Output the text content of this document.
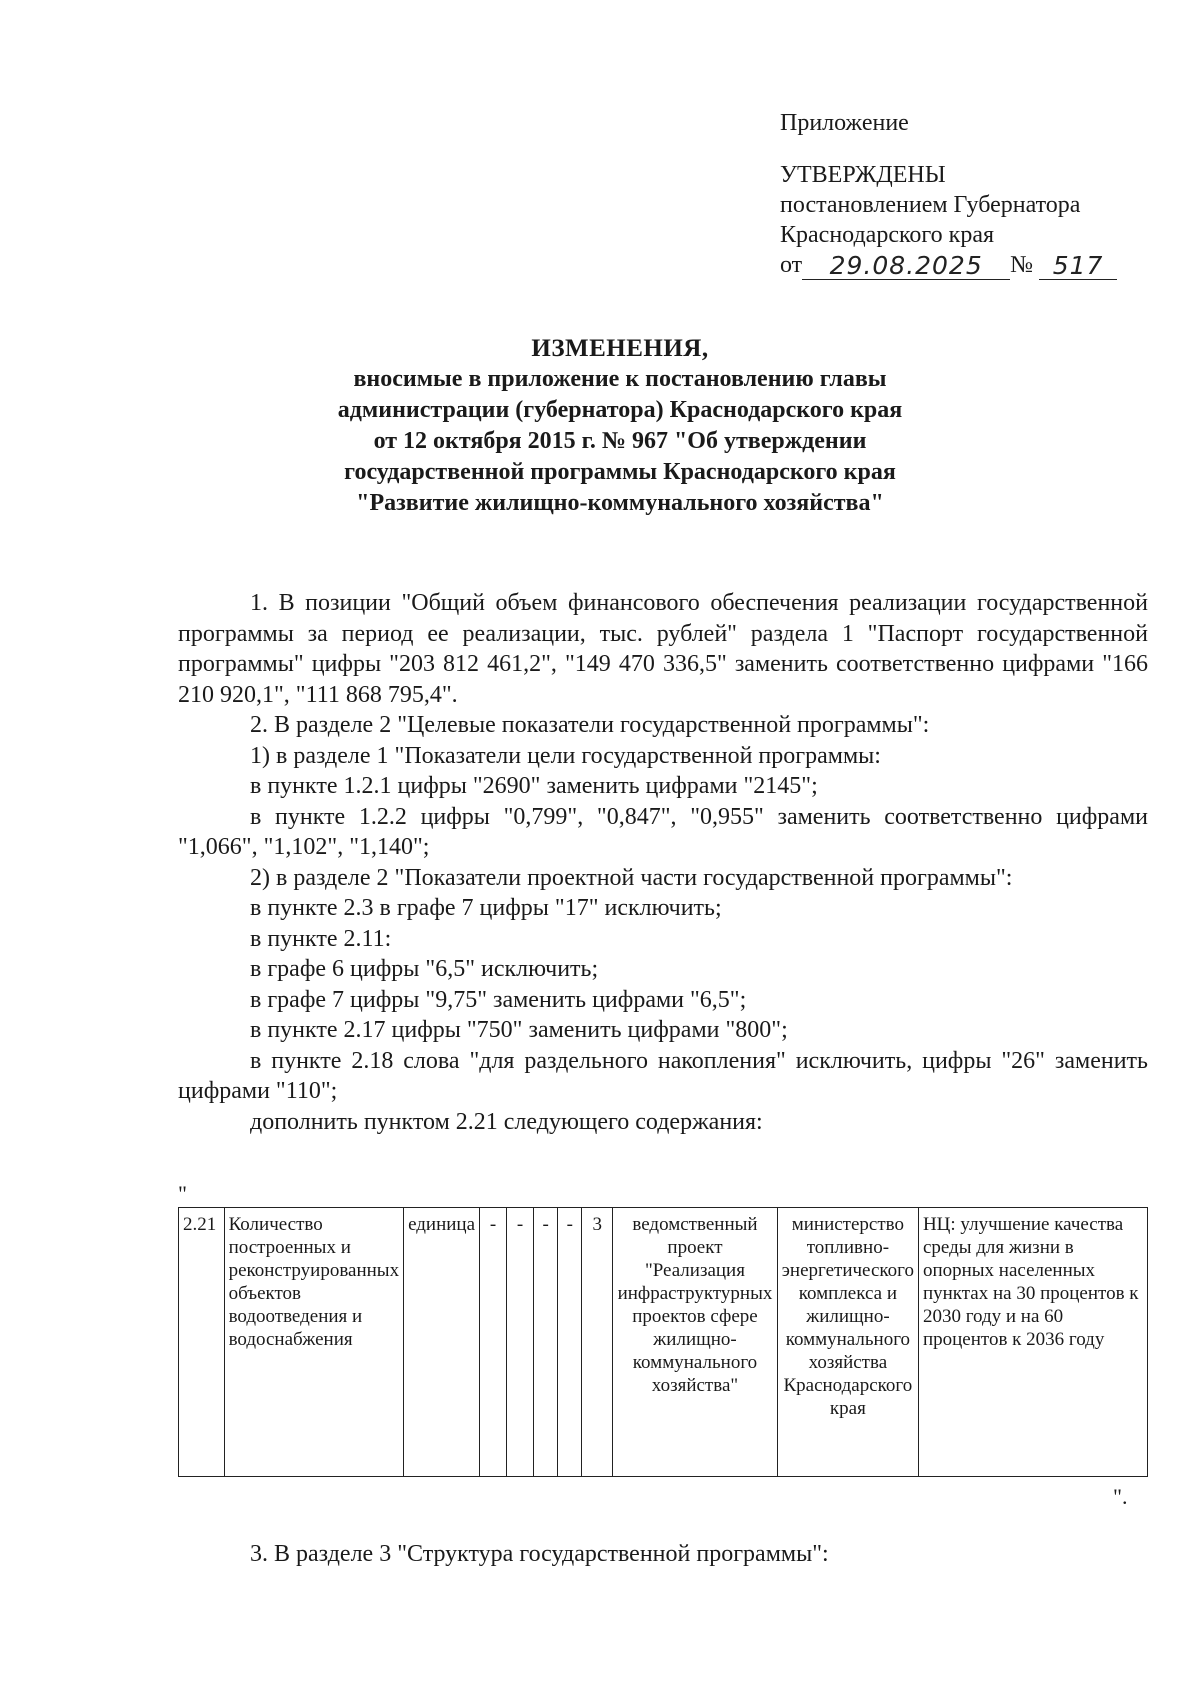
Приложение
УТВЕРЖДЕНЫ
постановлением Губернатора
Краснодарского края
от	29.08.2025	№ 517
ИЗМЕНЕНИЯ,
вносимые в приложение к постановлению главы
администрации (губернатора) Краснодарского края
от 12 октября 2015 г. № 967 "Об утверждении
государственной программы Краснодарского края
"Развитие жилищно-коммунального хозяйства"

1. В позиции "Общий объем финансового обеспечения реализации государственной программы за период ее реализации, тыс. рублей" раздела 1 "Паспорт государственной программы" цифры "203 812 461,2", "149 470 336,5" заменить соответственно цифрами "166 210 920,1", "111 868 795,4".

2. В разделе 2 "Целевые показатели государственной программы":

1) в разделе 1 "Показатели цели государственной программы:

в пункте 1.2.1 цифры "2690" заменить цифрами "2145";

в пункте 1.2.2 цифры "0,799", "0,847", "0,955" заменить соответственно цифрами "1,066", "1,102", "1,140";

2) в разделе 2 "Показатели проектной части государственной программы":

в пункте 2.3 в графе 7 цифры "17" исключить;

в пункте 2.11:

в графе 6 цифры "6,5" исключить;

в графе 7 цифры "9,75" заменить цифрами "6,5";

в пункте 2.17 цифры "750" заменить цифрами "800";

в пункте 2.18 слова "для раздельного накопления" исключить, цифры "26" заменить цифрами "110";

дополнить пунктом 2.21 следующего содержания:

"
2.21	Количество построенных и реконструированных объектов водоотведения и водоснабжения	единица	-	-	-	-	3	ведомственный проект "Реализация инфраструктурных проектов сфере жилищно-коммунального хозяйства"	министерство топливно-энергетического комплекса и жилищно-коммунального хозяйства Краснодарского края	НЦ: улучшение качества среды для жизни в опорных населенных пунктах на 30 процентов к 2030 году и на 60 процентов к 2036 году
".
3. В разделе 3 "Структура государственной программы":
